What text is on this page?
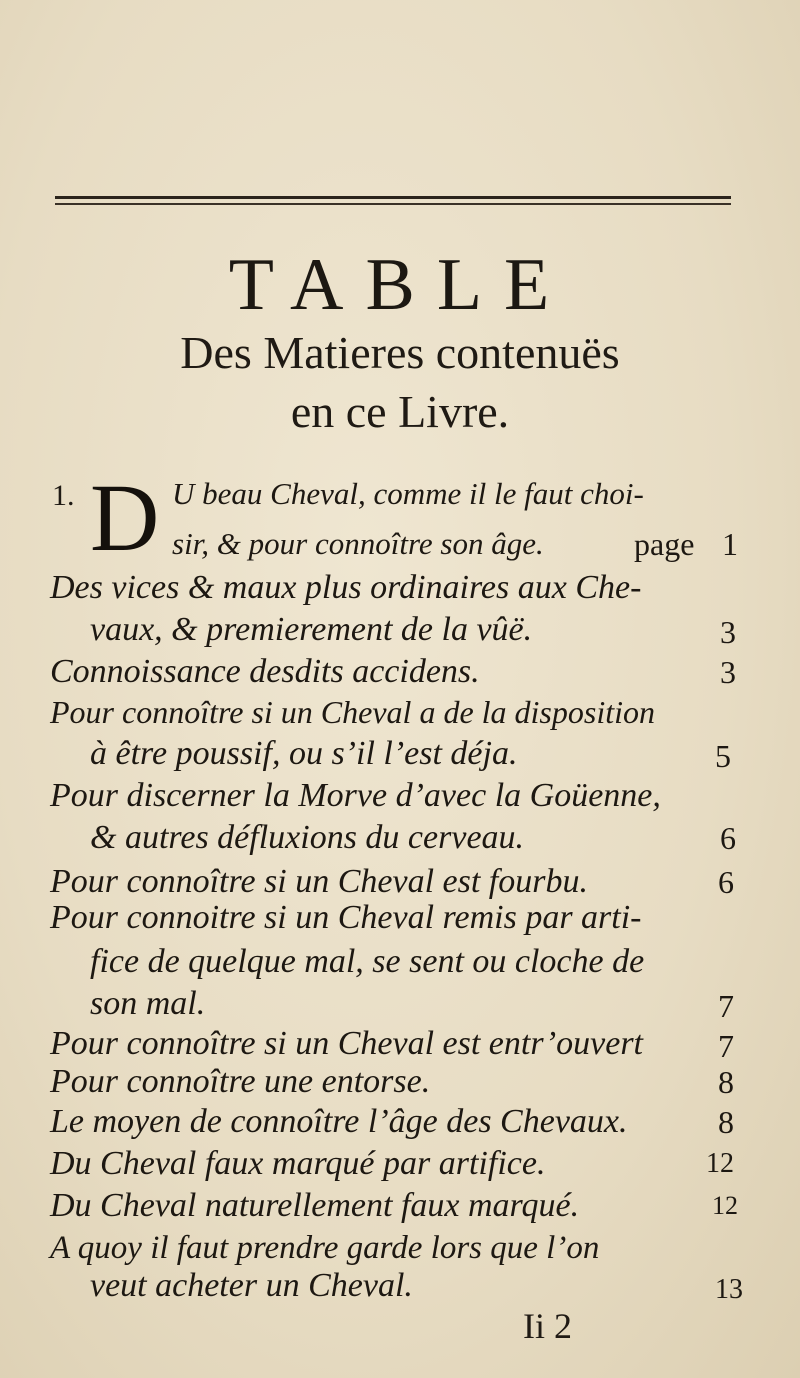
TABLE
Des Matieres contenuës
en ce Livre.
1. D U beau Cheval, comme il le faut choi-
sir, & pour connoître son âge.	page 1
Des vices & maux plus ordinaires aux Che-
vaux, & premierement de la vûë.	3
Connoissance desdits accidens.	3
Pour connoître si un Cheval a de la disposition
à être poussif, ou s’il l’est déja.	5
Pour discerner la Morve d’avec la Goüenne,
& autres défluxions du cerveau.	6
Pour connoître si un Cheval est fourbu.	6
Pour connoitre si un Cheval remis par arti-
fice de quelque mal, se sent ou cloche de
son mal.	7
Pour connoître si un Cheval est entr’ouvert 7
Pour connoître une entorse.	8
Le moyen de connoître l’âge des Chevaux.	8
Du Cheval faux marqué par artifice.	12
Du Cheval naturellement faux marqué.	12
A quoy il faut prendre garde lors que l’on
veut acheter un Cheval.	13
Ii 2
